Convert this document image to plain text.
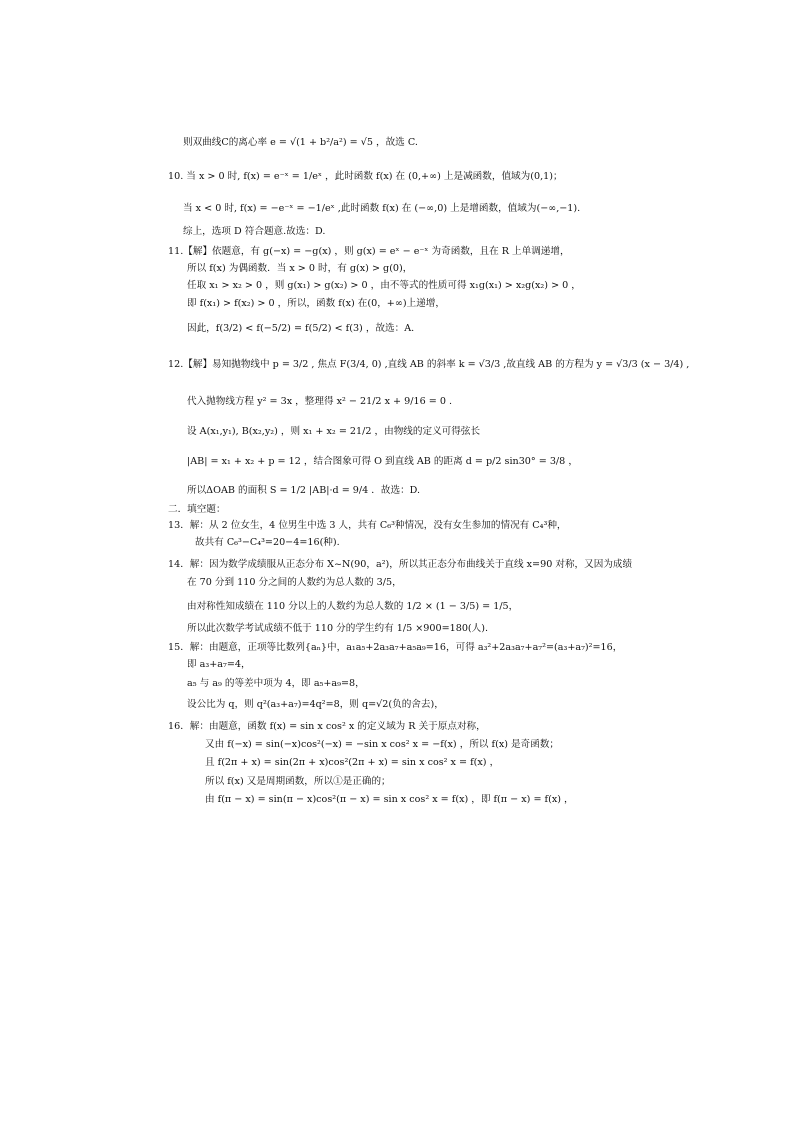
则双曲线C的离心率 e = √(1 + b²/a²) = √5 ，故选 C.
10. 当 x > 0 时, f(x) = e⁻ˣ = 1/eˣ ，此时函数 f(x) 在 (0,+∞) 上是减函数，值域为(0,1)；
当 x < 0 时, f(x) = −e⁻ˣ = −1/eˣ ,此时函数 f(x) 在 (−∞,0) 上是增函数，值域为(−∞,−1).
综上，选项 D 符合题意.故选：D.
11.【解】依题意，有 g(−x) = −g(x) ，则 g(x) = eˣ − e⁻ˣ 为奇函数，且在 R 上单调递增，
所以 f(x) 为偶函数．当 x > 0 时，有 g(x) > g(0)，
任取 x₁ > x₂ > 0 ，则 g(x₁) > g(x₂) > 0 ，由不等式的性质可得 x₁g(x₁) > x₂g(x₂) > 0 ，
即 f(x₁) > f(x₂) > 0 ，所以，函数 f(x) 在(0，+∞)上递增，
因此，f(3/2) < f(−5/2) = f(5/2) < f(3) ，故选：A.
12.【解】易知抛物线中 p = 3/2 , 焦点 F(3/4, 0) ,直线 AB 的斜率 k = √3/3 ,故直线 AB 的方程为 y = √3/3 (x − 3/4) ,
代入抛物线方程 y² = 3x ，整理得 x² − 21/2 x + 9/16 = 0 .
设 A(x₁,y₁), B(x₂,y₂) ，则 x₁ + x₂ = 21/2 ，由物线的定义可得弦长
|AB| = x₁ + x₂ + p = 12 ，结合图象可得 O 到直线 AB 的距离 d = p/2 sin30° = 3/8 ，
所以ΔOAB 的面积 S = 1/2 |AB|·d = 9/4 ．故选：D.
二．填空题：
13．解：从 2 位女生，4 位男生中选 3 人，共有 C₆³种情况，没有女生参加的情况有 C₄³种，
故共有 C₆³−C₄³=20−4=16(种).
14．解：因为数学成绩服从正态分布 X~N(90，a²)，所以其正态分布曲线关于直线 x=90 对称，又因为成绩
在 70 分到 110 分之间的人数约为总人数的 3/5，
由对称性知成绩在 110 分以上的人数约为总人数的 1/2 × (1 − 3/5) = 1/5，
所以此次数学考试成绩不低于 110 分的学生约有 1/5 ×900=180(人).
15．解：由题意，正项等比数列{aₙ}中，a₁a₅+2a₃a₇+a₅a₉=16，可得 a₃²+2a₃a₇+a₇²=(a₃+a₇)²=16，
即 a₃+a₇=4，
a₅ 与 a₉ 的等差中项为 4，即 a₅+a₉=8，
设公比为 q，则 q²(a₃+a₇)=4q²=8，则 q=√2(负的舍去)，
16．解：由题意，函数 f(x) = sin x cos² x 的定义域为 R 关于原点对称，
又由 f(−x) = sin(−x)cos²(−x) = −sin x cos² x = −f(x) ，所以 f(x) 是奇函数；
且 f(2π + x) = sin(2π + x)cos²(2π + x) = sin x cos² x = f(x) ，
所以 f(x) 又是周期函数，所以①是正确的；
由 f(π − x) = sin(π − x)cos²(π − x) = sin x cos² x = f(x) ，即 f(π − x) = f(x) ，
